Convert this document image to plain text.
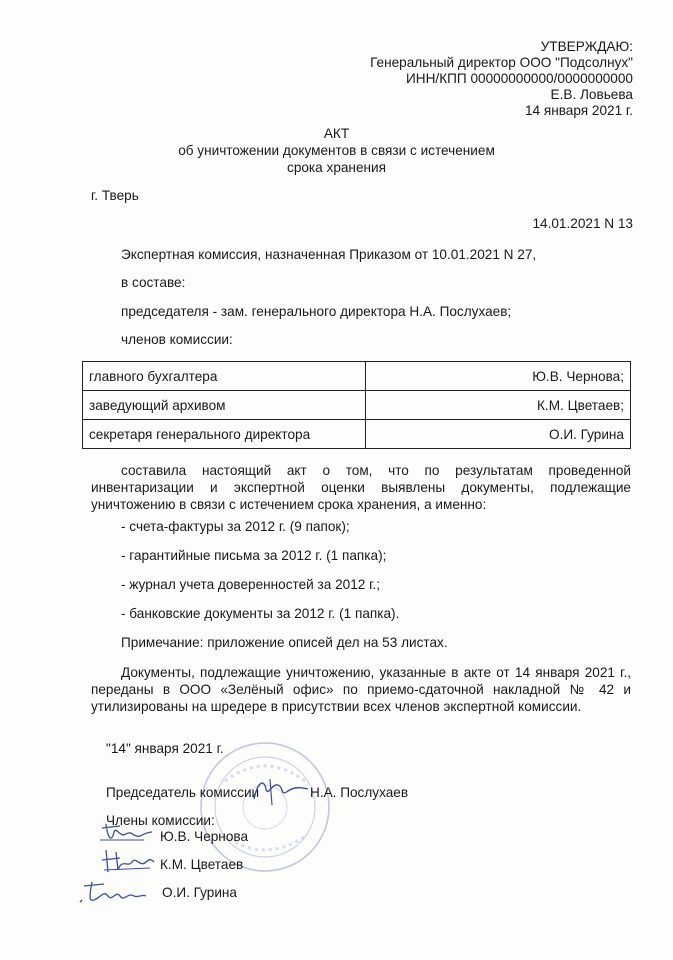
УТВЕРЖДАЮ:
Генеральный директор ООО "Подсолнух"
ИНН/КПП 00000000000/0000000000
Е.В. Ловьева
14 января 2021 г.
АКТ
об уничтожении документов в связи с истечением
срока хранения
г. Тверь
14.01.2021 N 13
Экспертная комиссия, назначенная Приказом от 10.01.2021 N 27,
в составе:
председателя - зам. генерального директора Н.А. Послухаев;
членов комиссии:
главного бухгалтера	Ю.В. Чернова;
заведующий архивом	К.М. Цветаев;
секретаря генерального директора	О.И. Гурина
составила настоящий акт о том, что по результатам проведенной инвентаризации и экспертной оценки выявлены документы, подлежащие уничтожению в связи с истечением срока хранения, а именно:
- счета-фактуры за 2012 г. (9 папок);
- гарантийные письма за 2012 г. (1 папка);
- журнал учета доверенностей за 2012 г.;
- банковские документы за 2012 г. (1 папка).
Примечание: приложение описей дел на 53 листах.
Документы, подлежащие уничтожению, указанные в акте от 14 января 2021 г., переданы в ООО «Зелёный офис» по приемо-сдаточной накладной № 42 и утилизированы на шредере в присутствии всех членов экспертной комиссии.
"14" января 2021 г.
Председатель комиссии	Н.А. Послухаев
Члены комиссии:
Ю.В. Чернова
К.М. Цветаев
О.И. Гурина
